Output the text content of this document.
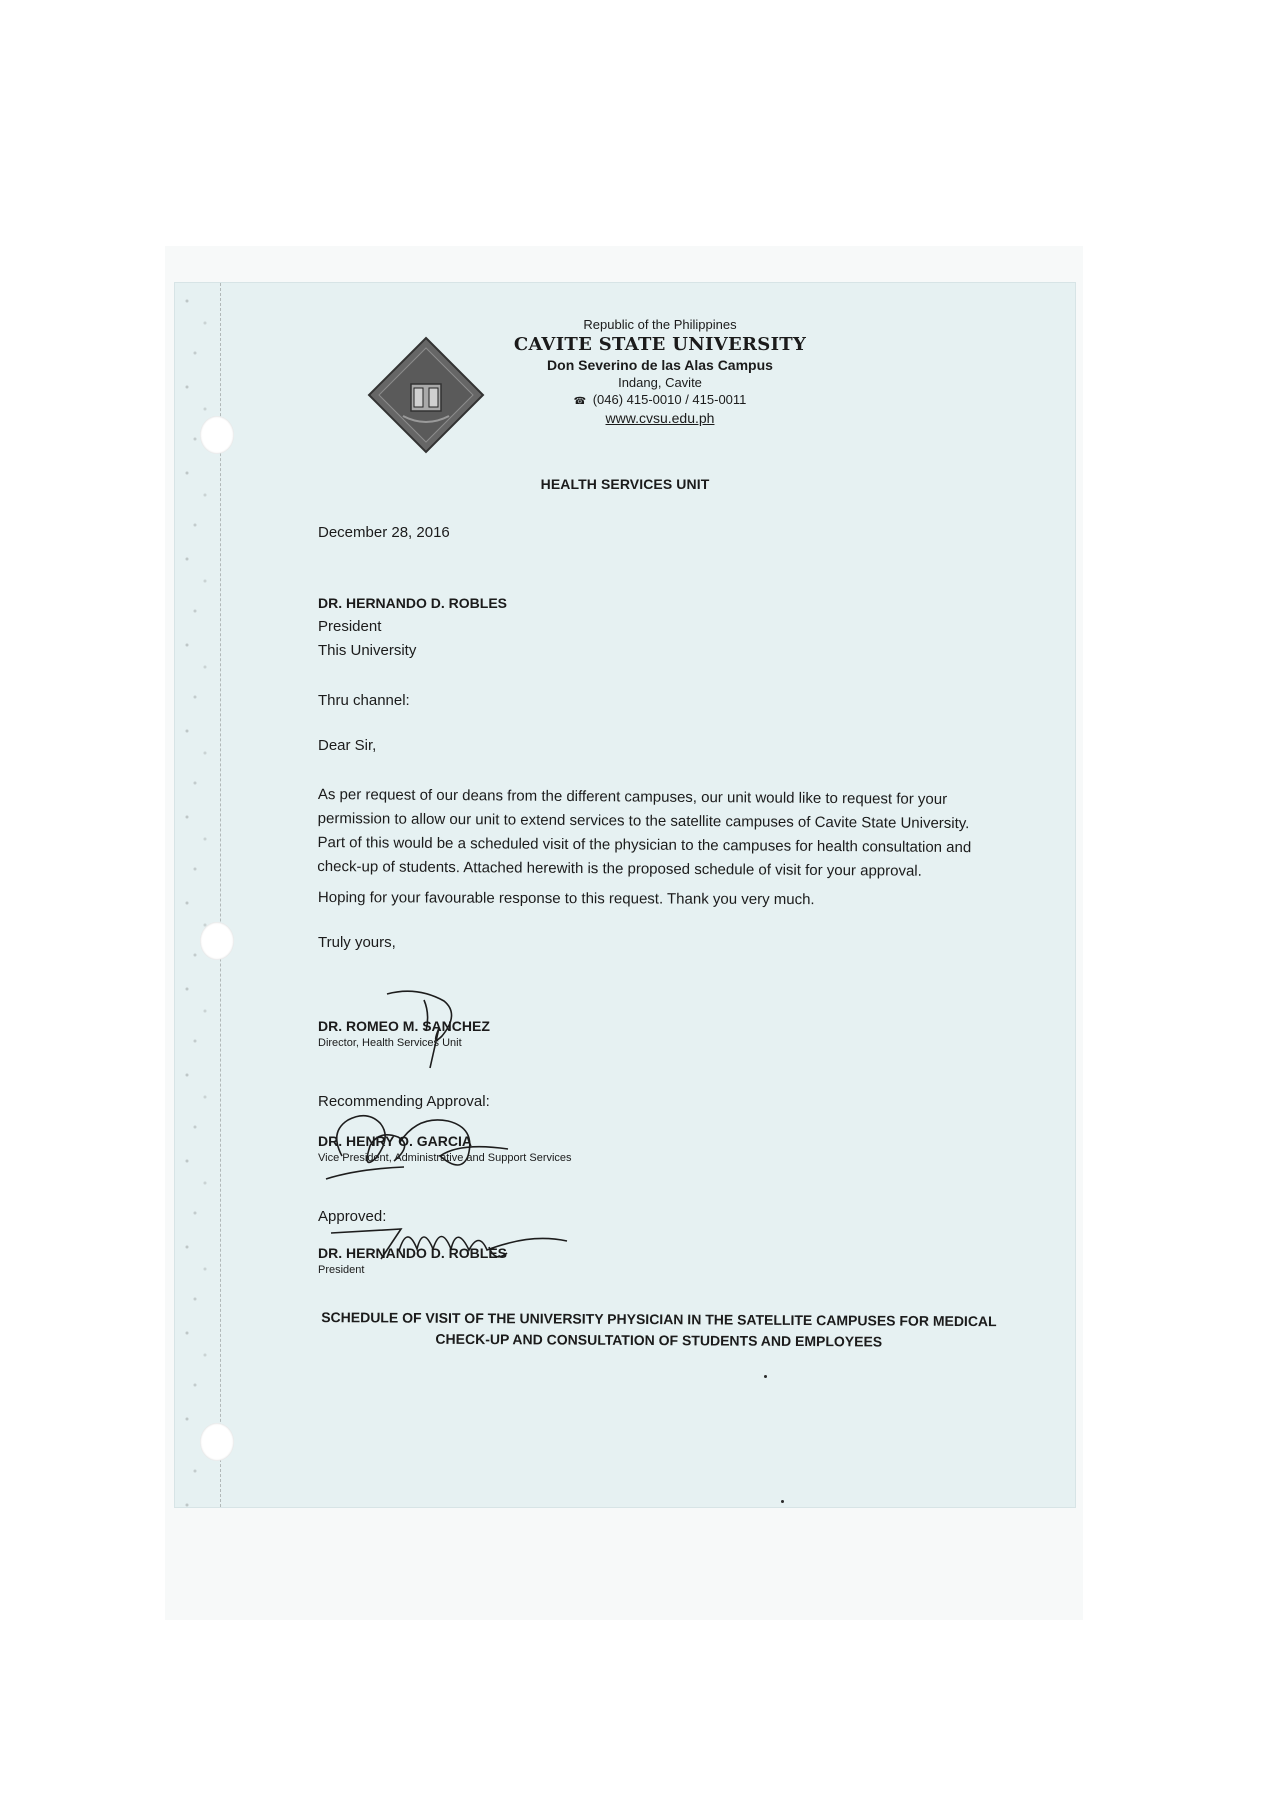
Republic of the Philippines
CAVITE STATE UNIVERSITY
Don Severino de las Alas Campus
Indang, Cavite
☎ (046) 415-0010 / 415-0011
www.cvsu.edu.ph
HEALTH SERVICES UNIT
December 28, 2016
DR. HERNANDO D. ROBLES
President
This University
Thru channel:
Dear Sir,
As per request of our deans from the different campuses, our unit would like to request for your permission to allow our unit to extend services to the satellite campuses of Cavite State University. Part of this would be a scheduled visit of the physician to the campuses for health consultation and check-up of students. Attached herewith is the proposed schedule of visit for your approval.
Hoping for your favourable response to this request. Thank you very much.
Truly yours,
DR. ROMEO M. SANCHEZ
Director, Health Services Unit
Recommending Approval:
DR. HENRY O. GARCIA
Vice President, Administrative and Support Services
Approved:
DR. HERNANDO D. ROBLES
President
SCHEDULE OF VISIT OF THE UNIVERSITY PHYSICIAN IN THE SATELLITE CAMPUSES FOR MEDICAL CHECK-UP AND CONSULTATION OF STUDENTS AND EMPLOYEES
